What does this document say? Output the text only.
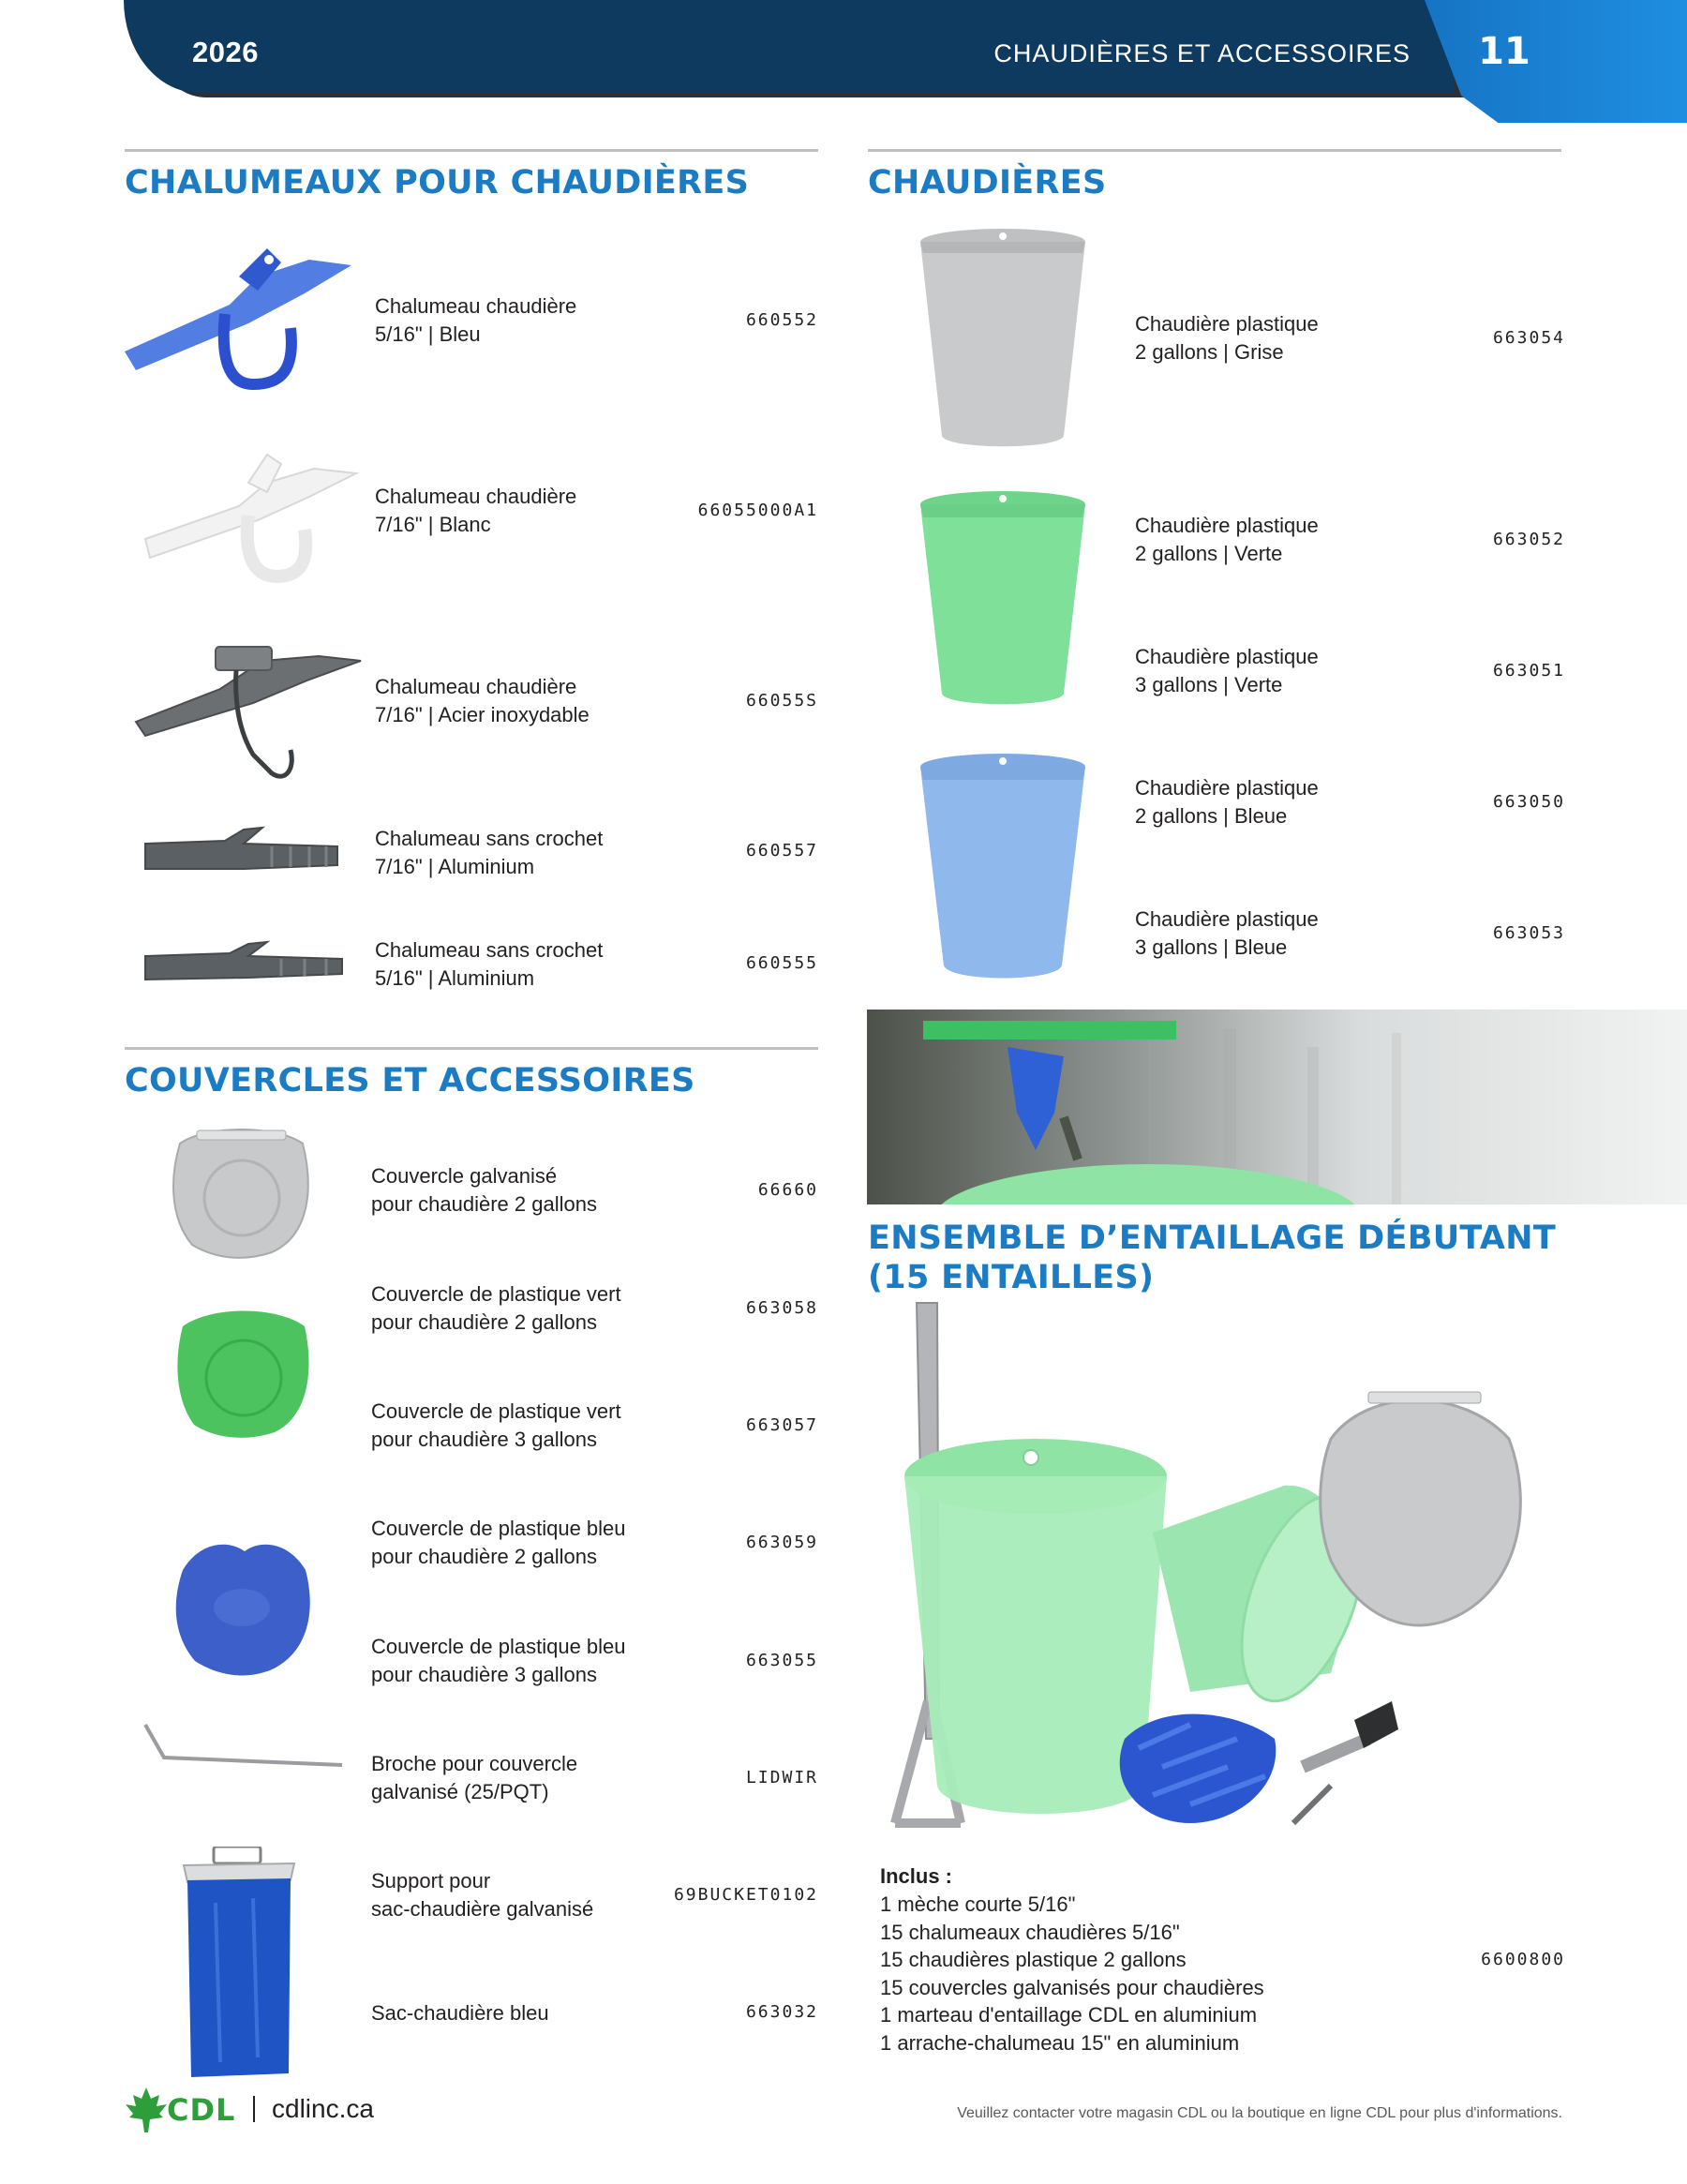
2026	CHAUDIÈRES ET ACCESSOIRES	11
CHALUMEAUX POUR CHAUDIÈRES
Chalumeau chaudière
5/16" | Bleu
660552
Chalumeau chaudière
7/16" | Blanc
66055000A1
Chalumeau chaudière
7/16" | Acier inoxydable
66055S
Chalumeau sans crochet
7/16" | Aluminium
660557
Chalumeau sans crochet
5/16" | Aluminium
660555
CHAUDIÈRES
Chaudière plastique
2 gallons | Grise
663054
Chaudière plastique
2 gallons | Verte
663052
Chaudière plastique
3 gallons | Verte
663051
Chaudière plastique
2 gallons | Bleue
663050
Chaudière plastique
3 gallons | Bleue
663053
COUVERCLES ET ACCESSOIRES
Couvercle galvanisé
pour chaudière 2 gallons
66660
Couvercle de plastique vert
pour chaudière 2 gallons
663058
Couvercle de plastique vert
pour chaudière 3 gallons
663057
Couvercle de plastique bleu
pour chaudière 2 gallons
663059
Couvercle de plastique bleu
pour chaudière 3 gallons
663055
Broche pour couvercle
galvanisé (25/PQT)
LIDWIR
Support pour
sac-chaudière galvanisé
69BUCKET0102
Sac-chaudière bleu	663032
ENSEMBLE D’ENTAILLAGE DÉBUTANT
(15 ENTAILLES)
Inclus :
1 mèche courte 5/16"
15 chalumeaux chaudières 5/16"
15 chaudières plastique 2 gallons
15 couvercles galvanisés pour chaudières
1 marteau d'entaillage CDL en aluminium
1 arrache-chalumeau 15" en aluminium
6600800
CDL cdlinc.ca	Veuillez contacter votre magasin CDL ou la boutique en ligne CDL pour plus d'informations.
